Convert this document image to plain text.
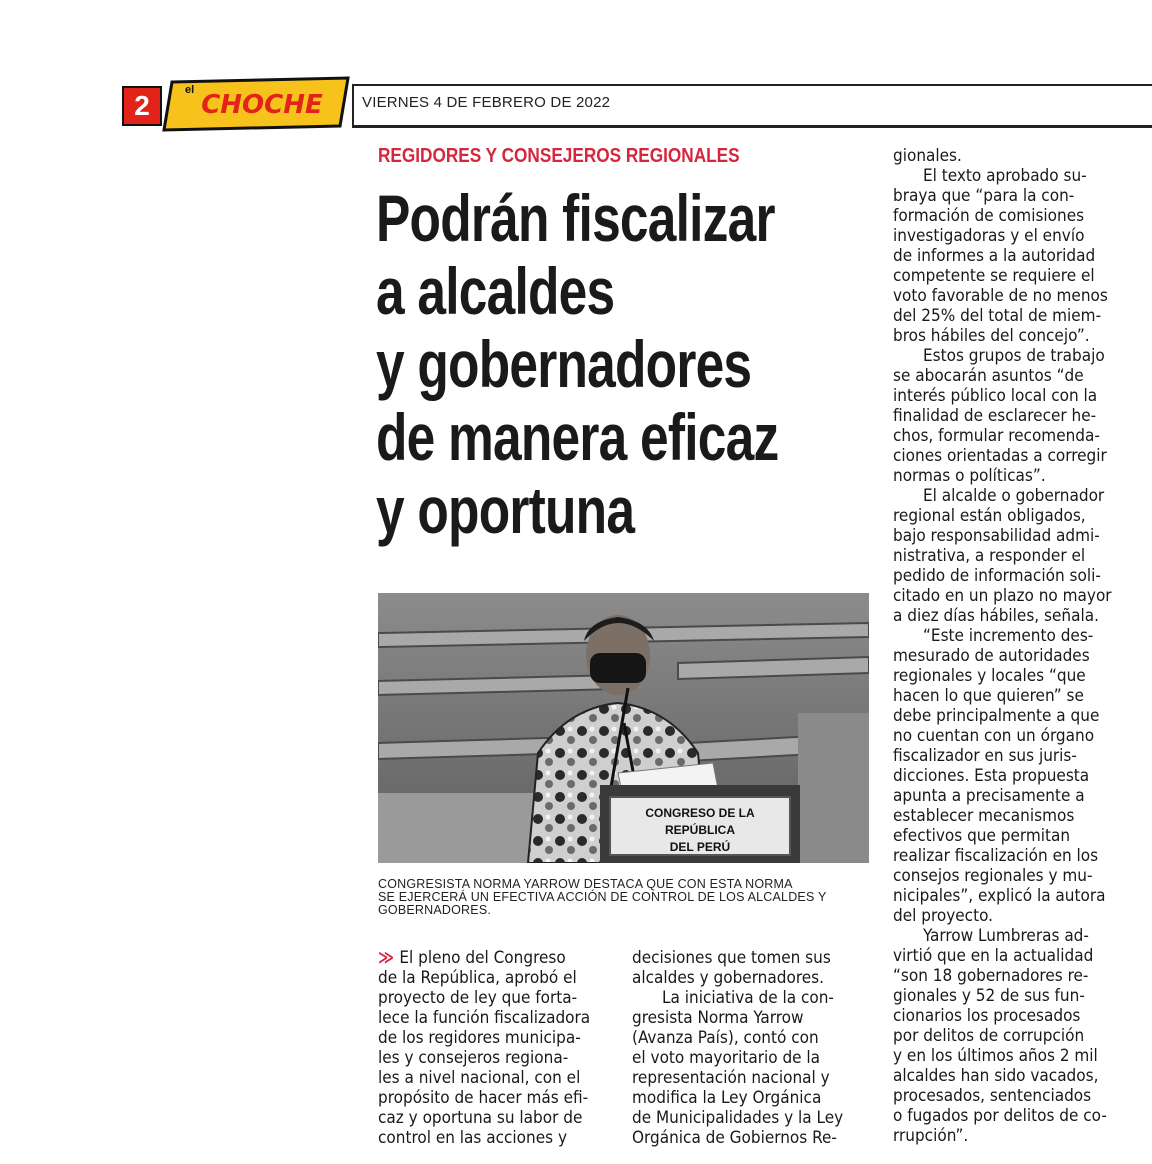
2	el CHOCHE	VIERNES 4 DE FEBRERO DE 2022
REGIDORES Y CONSEJEROS REGIONALES
Podrán fiscalizar
a alcaldes
y gobernadores
de manera eficaz
y oportuna
CONGRESO DE LA REPÚBLICA
DEL PERÚ
CONGRESISTA NORMA YARROW DESTACA QUE CON ESTA NORMA
SE EJERCERÁ UN EFECTIVA ACCIÓN DE CONTROL DE LOS ALCALDES Y
GOBERNADORES.
≫ El pleno del Congreso
de la República, aprobó el
proyecto de ley que forta-
lece la función fiscalizadora
de los regidores municipa-
les y consejeros regiona-
les a nivel nacional, con el
propósito de hacer más efi-
caz y oportuna su labor de
control en las acciones y
decisiones que tomen sus
alcaldes y gobernadores.
La iniciativa de la con-
gresista Norma Yarrow
(Avanza País), contó con
el voto mayoritario de la
representación nacional y
modifica la Ley Orgánica
de Municipalidades y la Ley
Orgánica de Gobiernos Re-
gionales.
El texto aprobado su-
braya que “para la con-
formación de comisiones
investigadoras y el envío
de informes a la autoridad
competente se requiere el
voto favorable de no menos
del 25% del total de miem-
bros hábiles del concejo”.
Estos grupos de trabajo
se abocarán asuntos “de
interés público local con la
finalidad de esclarecer he-
chos, formular recomenda-
ciones orientadas a corregir
normas o políticas”.
El alcalde o gobernador
regional están obligados,
bajo responsabilidad admi-
nistrativa, a responder el
pedido de información soli-
citado en un plazo no mayor
a diez días hábiles, señala.
“Este incremento des-
mesurado de autoridades
regionales y locales “que
hacen lo que quieren” se
debe principalmente a que
no cuentan con un órgano
fiscalizador en sus juris-
dicciones. Esta propuesta
apunta a precisamente a
establecer mecanismos
efectivos que permitan
realizar fiscalización en los
consejos regionales y mu-
nicipales”, explicó la autora
del proyecto.
Yarrow Lumbreras ad-
virtió que en la actualidad
“son 18 gobernadores re-
gionales y 52 de sus fun-
cionarios los procesados
por delitos de corrupción
y en los últimos años 2 mil
alcaldes han sido vacados,
procesados, sentenciados
o fugados por delitos de co-
rrupción”.
